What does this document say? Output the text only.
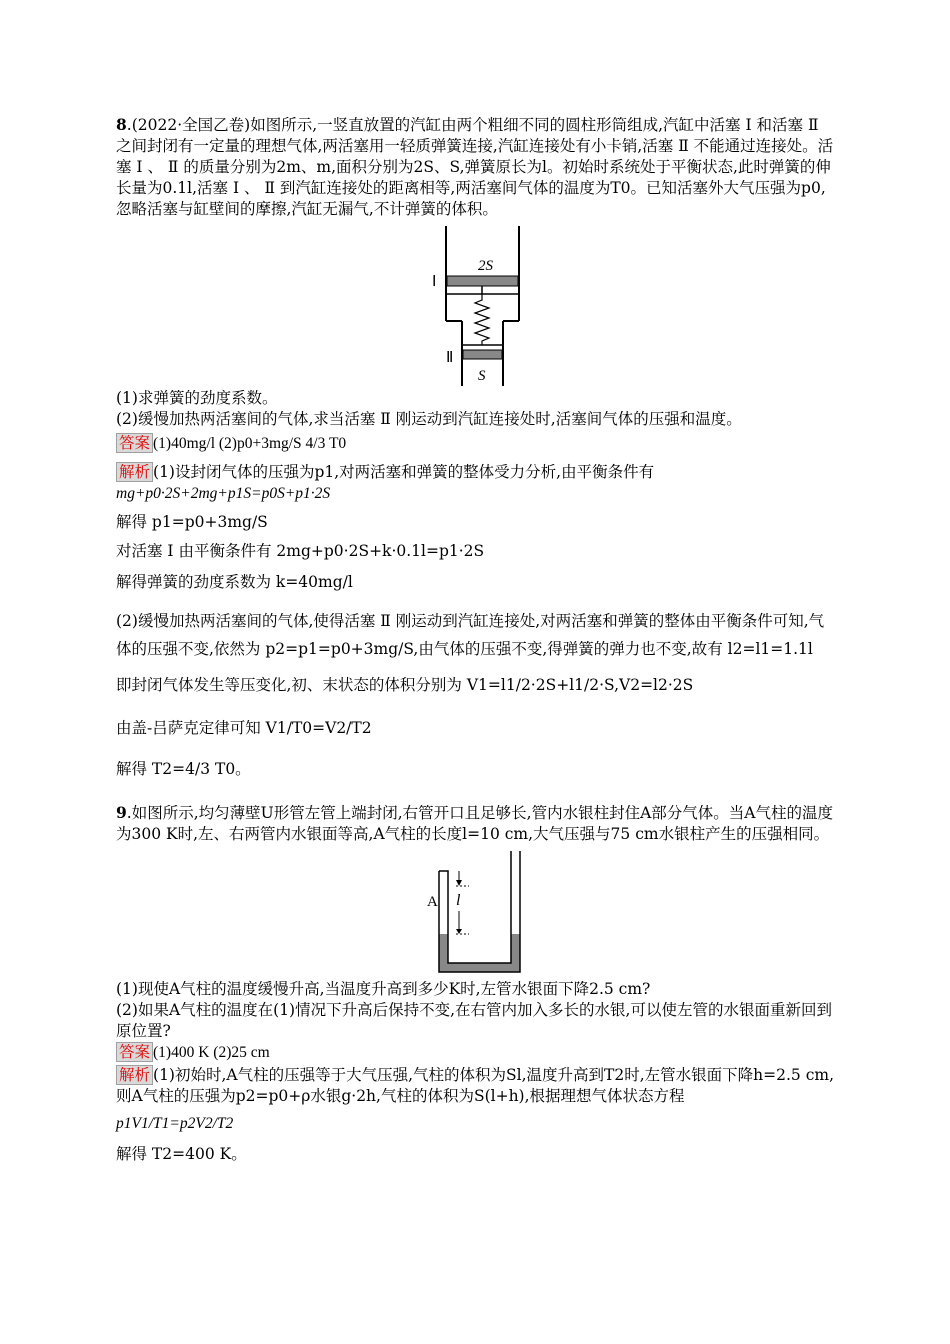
8.(2022·全国乙卷)如图所示,一竖直放置的汽缸由两个粗细不同的圆柱形筒组成,汽缸中活塞 Ⅰ 和活塞 Ⅱ 之间封闭有一定量的理想气体,两活塞用一轻质弹簧连接,汽缸连接处有小卡销,活塞 Ⅱ 不能通过连接处。活塞 Ⅰ 、 Ⅱ 的质量分别为2m、m,面积分别为2S、S,弹簧原长为l。初始时系统处于平衡状态,此时弹簧的伸长量为0.1l,活塞 Ⅰ 、 Ⅱ 到汽缸连接处的距离相等,两活塞间气体的温度为T0。已知活塞外大气压强为p0,忽略活塞与缸壁间的摩擦,汽缸无漏气,不计弹簧的体积。

2S
S
Ⅰ
Ⅱ

(1)求弹簧的劲度系数。

(2)缓慢加热两活塞间的气体,求当活塞 Ⅱ 刚运动到汽缸连接处时,活塞间气体的压强和温度。

答案 (1)40mg/l (2)p0+3mg/S 4/3 T0

解析 (1)设封闭气体的压强为p1,对两活塞和弹簧的整体受力分析,由平衡条件有

mg+p0·2S+2mg+p1S=p0S+p1·2S

解得 p1=p0+3mg/S

对活塞 Ⅰ 由平衡条件有 2mg+p0·2S+k·0.1l=p1·2S

解得弹簧的劲度系数为 k=40mg/l

(2)缓慢加热两活塞间的气体,使得活塞 Ⅱ 刚运动到汽缸连接处,对两活塞和弹簧的整体由平衡条件可知,气体的压强不变,依然为 p2=p1=p0+3mg/S,由气体的压强不变,得弹簧的弹力也不变,故有 l2=l1=1.1l

即封闭气体发生等压变化,初、末状态的体积分别为 V1=l1/2·2S+l1/2·S,V2=l2·2S

由盖-吕萨克定律可知 V1/T0=V2/T2

解得 T2=4/3 T0。

9.如图所示,均匀薄壁U形管左管上端封闭,右管开口且足够长,管内水银柱封住A部分气体。当A气柱的温度为300 K时,左、右两管内水银面等高,A气柱的长度l=10 cm,大气压强与75 cm水银柱产生的压强相同。

A l

(1)现使A气柱的温度缓慢升高,当温度升高到多少K时,左管水银面下降2.5 cm?

(2)如果A气柱的温度在(1)情况下升高后保持不变,在右管内加入多长的水银,可以使左管的水银面重新回到原位置?

答案 (1)400 K (2)25 cm

解析 (1)初始时,A气柱的压强等于大气压强,气柱的体积为Sl,温度升高到T2时,左管水银面下降h=2.5 cm,则A气柱的压强为p2=p0+ρ水银g·2h,气柱的体积为S(l+h),根据理想气体状态方程

p1V1/T1=p2V2/T2

解得 T2=400 K。
